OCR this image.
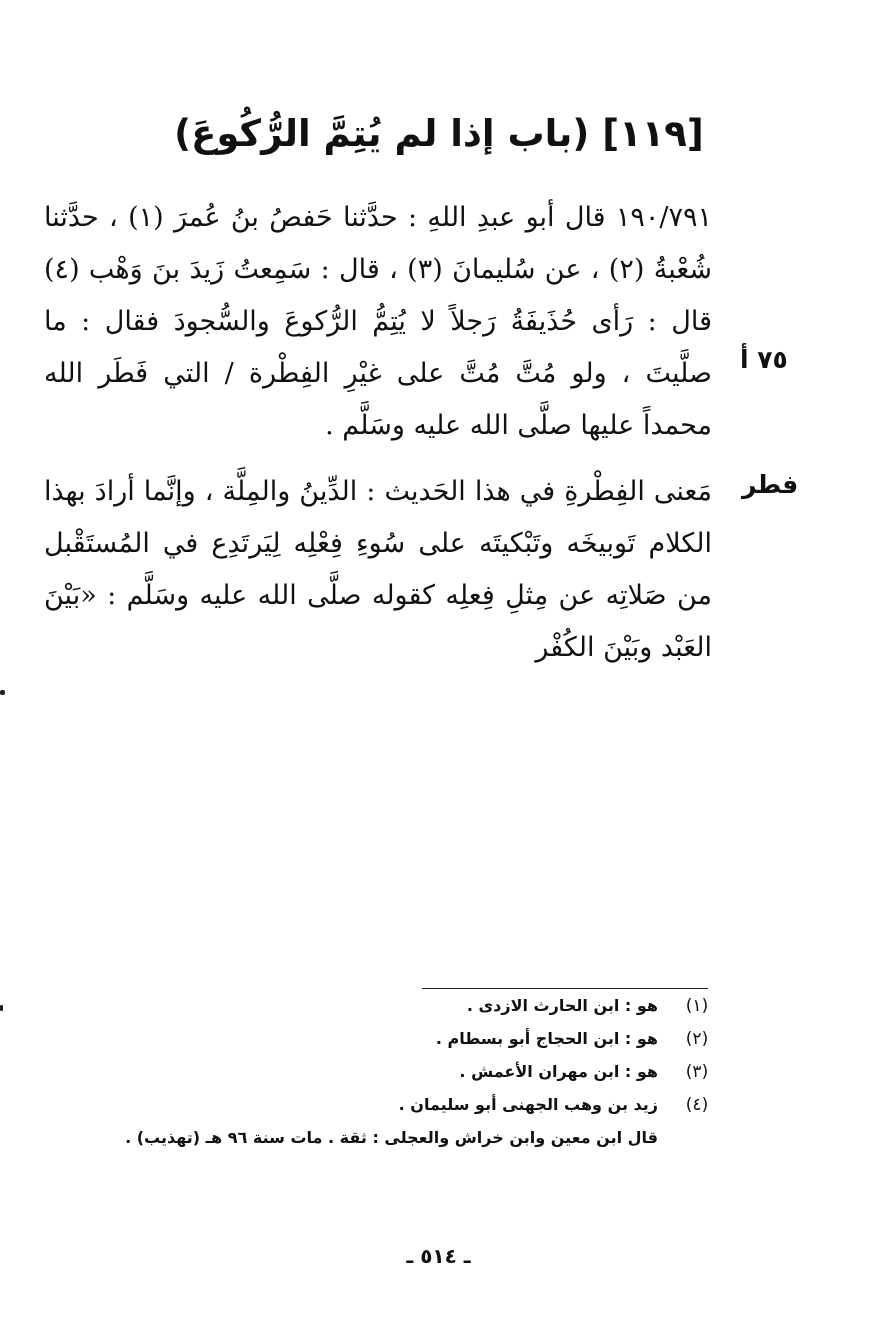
[١١٩] (باب إذا لم يُتِمَّ الرُّكُوعَ)

١٩٠/٧٩١ قال أبو عبدِ اللهِ : حدَّثنا حَفصُ بنُ عُمرَ (١) ، حدَّثنا شُعْبةُ (٢) ، عن سُليمانَ (٣) ، قال : سَمِعتُ زَيدَ بنَ وَهْب (٤) قال : رَأى حُذَيفَةُ رَجلاً لا يُتِمُّ الرُّكوعَ والسُّجودَ فقال : ما صلَّيتَ ، ولو مُتَّ مُتَّ على غيْرِ الفِطْرة / التي فَطَر الله محمداً عليها صلَّى الله عليه وسَلَّم .

مَعنى الفِطْرةِ في هذا الحَديث : الدِّينُ والمِلَّة ، وإنَّما أرادَ بهذا الكلام تَوبيخَه وتَبْكيتَه على سُوءِ فِعْلِه لِيَرتَدِع في المُستَقْبل من صَلاتِه عن مِثلِ فِعلِه كقوله صلَّى الله عليه وسَلَّم : «بَيْنَ العَبْد وبَيْنَ الكُفْر

٧٥ أ
فطر
(١)
هو : ابن الحارث الازدى .
(٢)
هو : ابن الحجاج أبو بسطام .
(٣)
هو : ابن مهران الأعمش .
(٤)
زيد بن وهب الجهنى أبو سليمان .
قال ابن معين وابن خراش والعجلى : ثقة . مات سنة ٩٦ هـ (تهذيب) .
ـ ٥١٤ ـ
